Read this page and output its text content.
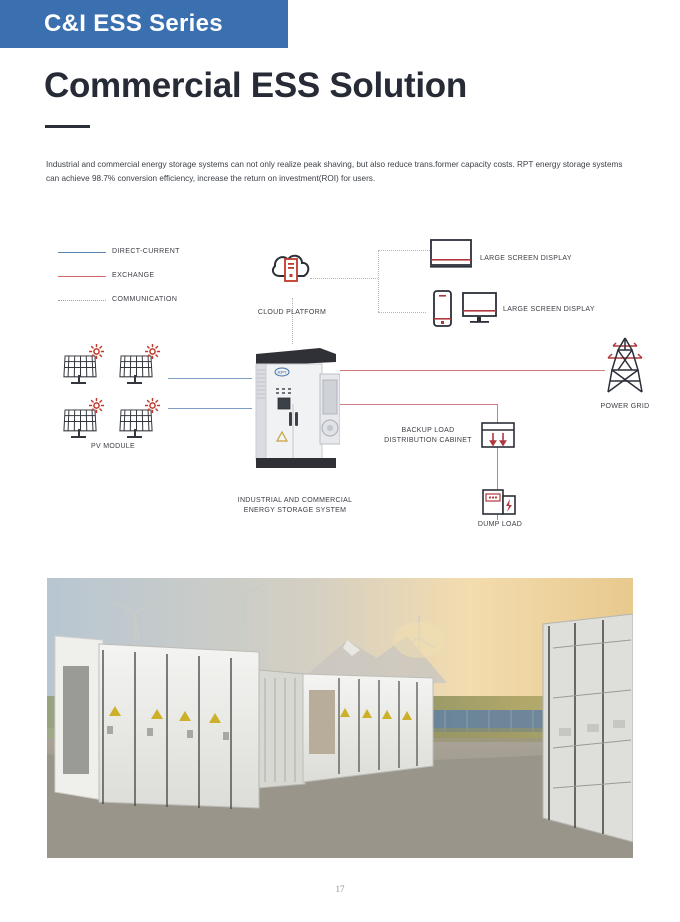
C&I ESS Series
Commercial ESS Solution
Industrial and commercial energy storage systems can not only realize peak shaving, but also reduce trans.former capacity costs. RPT energy storage systems can achieve 98.7% conversion efficiency, increase the return on investment(ROI) for users.
DIRECT-CURRENT
EXCHANGE
COMMUNICATION
CLOUD PLATFORM
LARGE SCREEN DISPLAY
LARGE SCREEN DISPLAY
PV MODULE
RPT
INDUSTRIAL AND COMMERCIAL
ENERGY STORAGE SYSTEM
BACKUP LOAD
DISTRIBUTION CABINET
DUMP LOAD
POWER GRID
17
